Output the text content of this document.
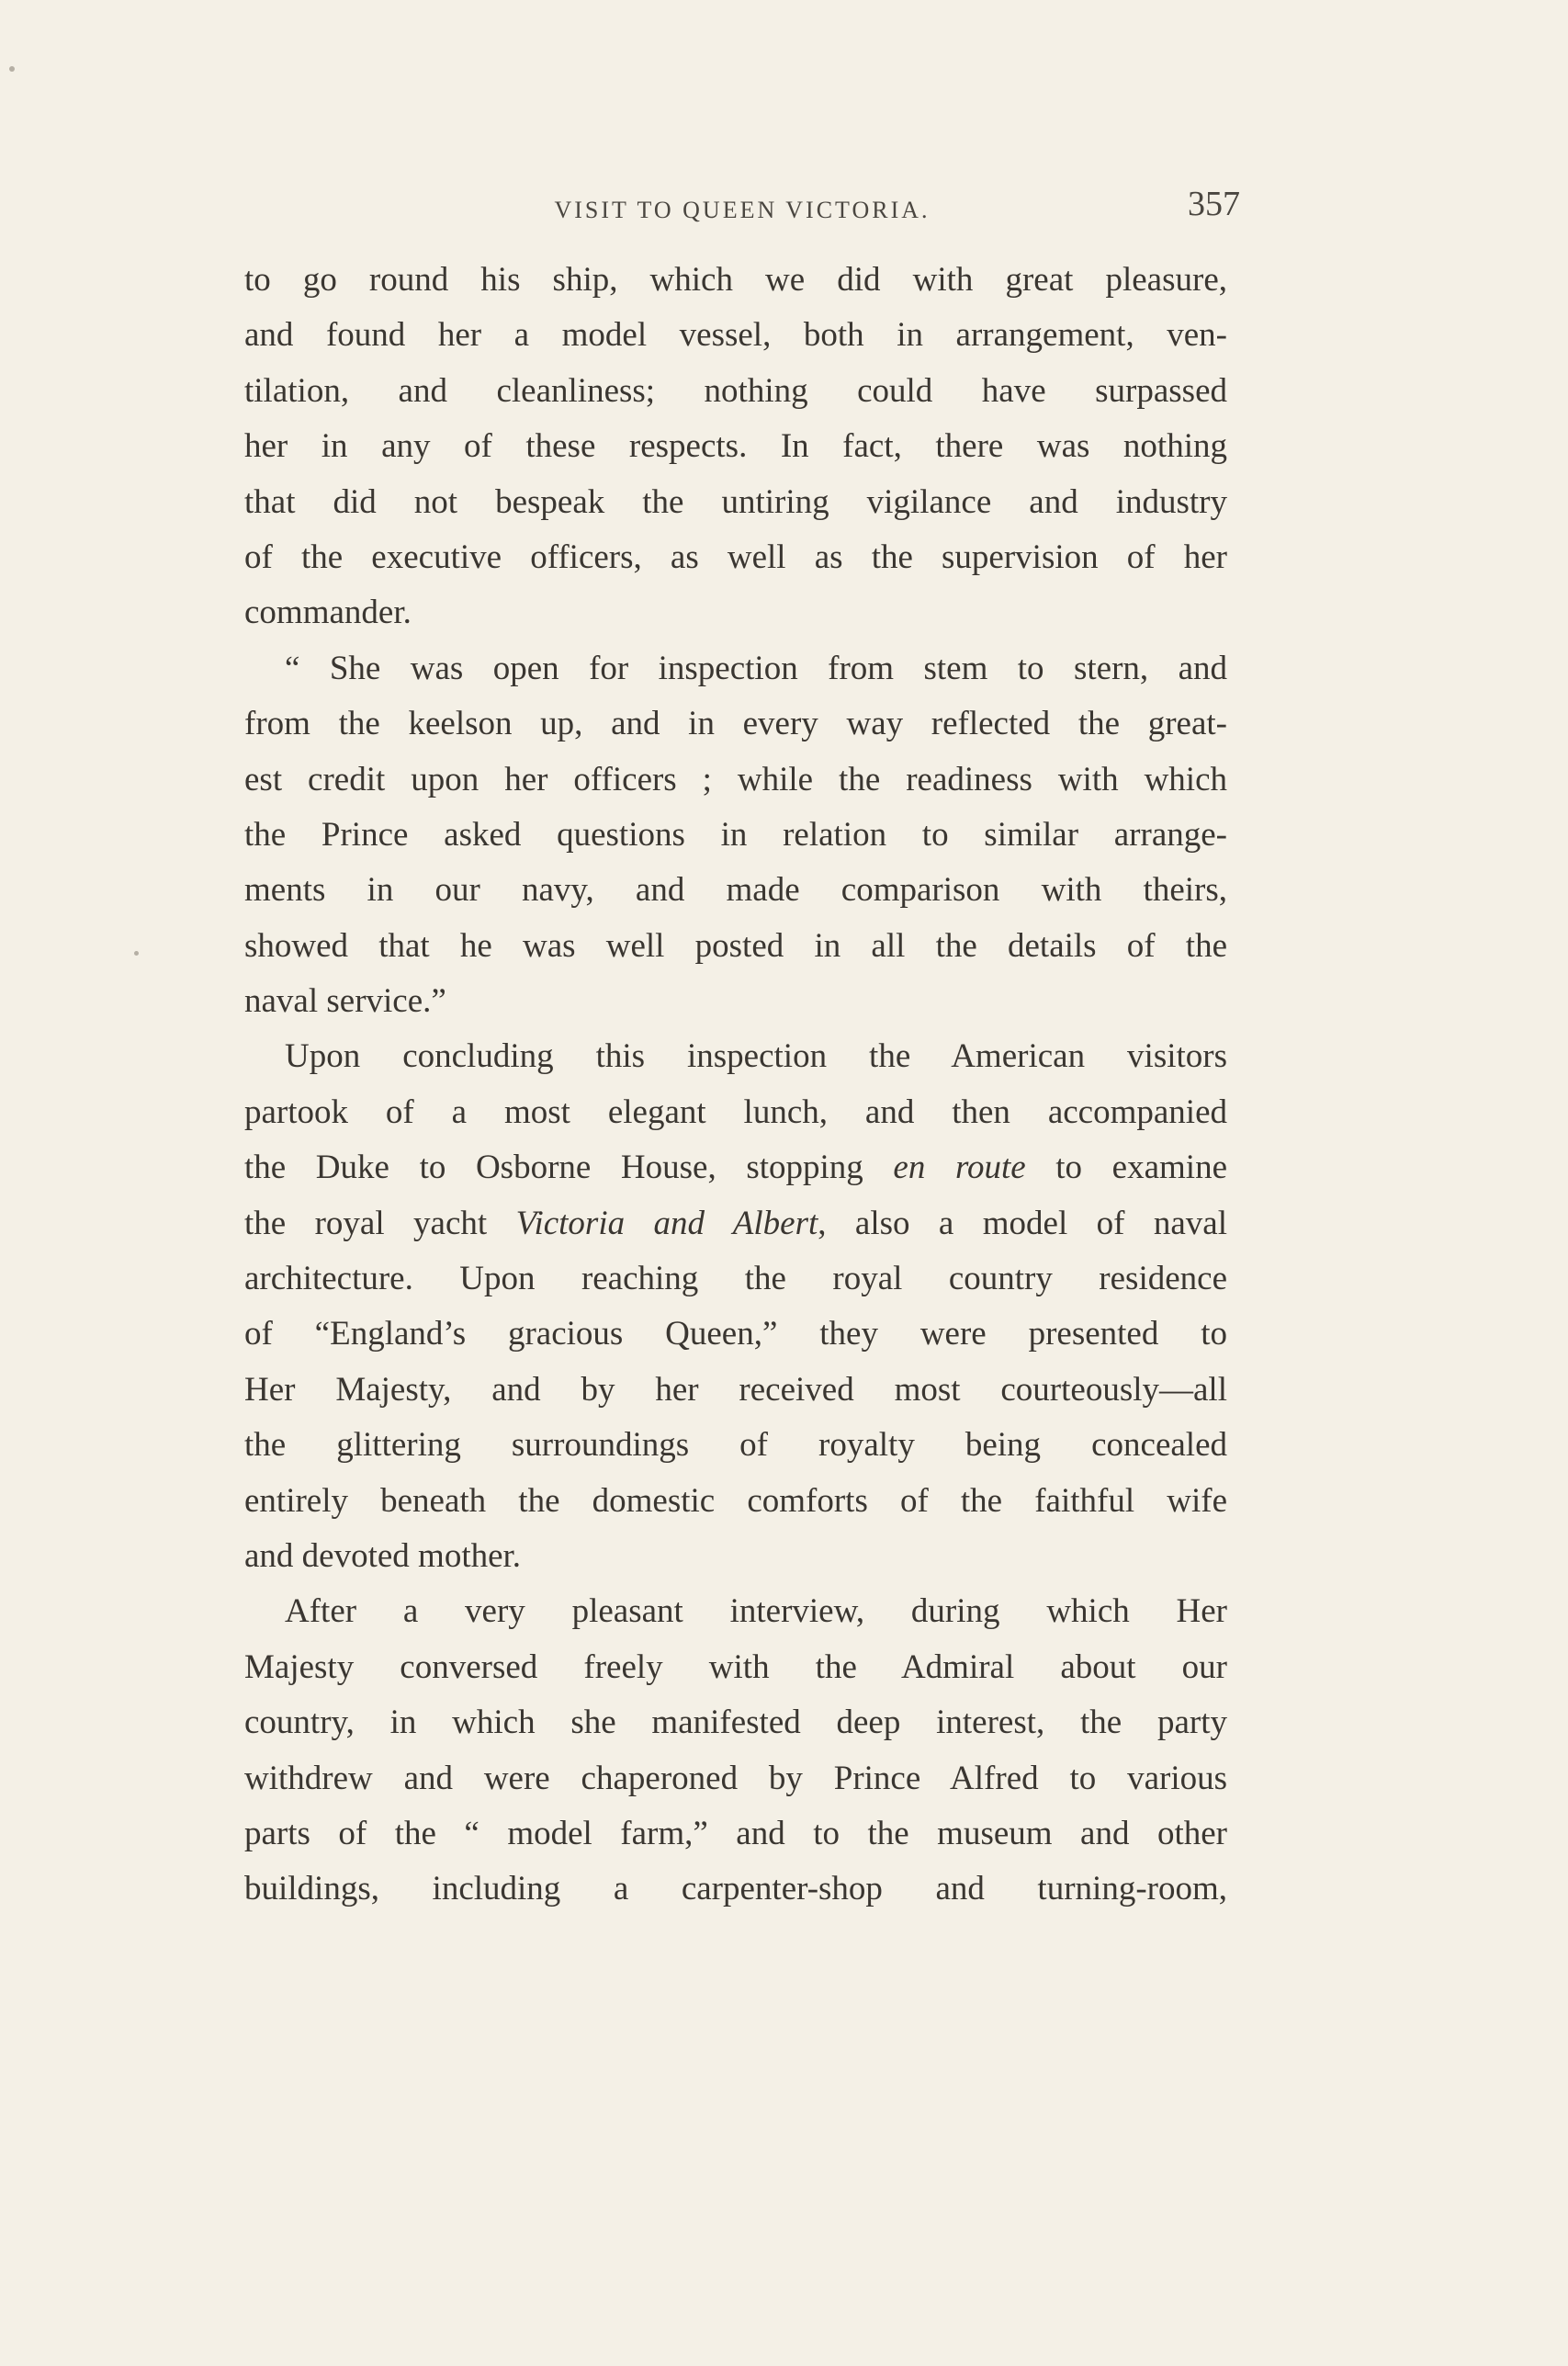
VISIT TO QUEEN VICTORIA.	357
to go round his ship, which we did with great pleasure,
and found her a model vessel, both in arrangement, ven-
tilation, and cleanliness; nothing could have surpassed
her in any of these respects. In fact, there was nothing
that did not bespeak the untiring vigilance and industry
of the executive officers, as well as the supervision of her
commander.
“ She was open for inspection from stem to stern, and
from the keelson up, and in every way reflected the great-
est credit upon her officers ; while the readiness with which
the Prince asked questions in relation to similar arrange-
ments in our navy, and made comparison with theirs,
showed that he was well posted in all the details of the
naval service.”
Upon concluding this inspection the American visitors
partook of a most elegant lunch, and then accompanied
the Duke to Osborne House, stopping en route to examine
the royal yacht Victoria and Albert, also a model of naval
architecture. Upon reaching the royal country residence
of “England’s gracious Queen,” they were presented to
Her Majesty, and by her received most courteously—all
the glittering surroundings of royalty being concealed
entirely beneath the domestic comforts of the faithful wife
and devoted mother.
After a very pleasant interview, during which Her
Majesty conversed freely with the Admiral about our
country, in which she manifested deep interest, the party
withdrew and were chaperoned by Prince Alfred to various
parts of the “ model farm,” and to the museum and other
buildings, including a carpenter-shop and turning-room,
